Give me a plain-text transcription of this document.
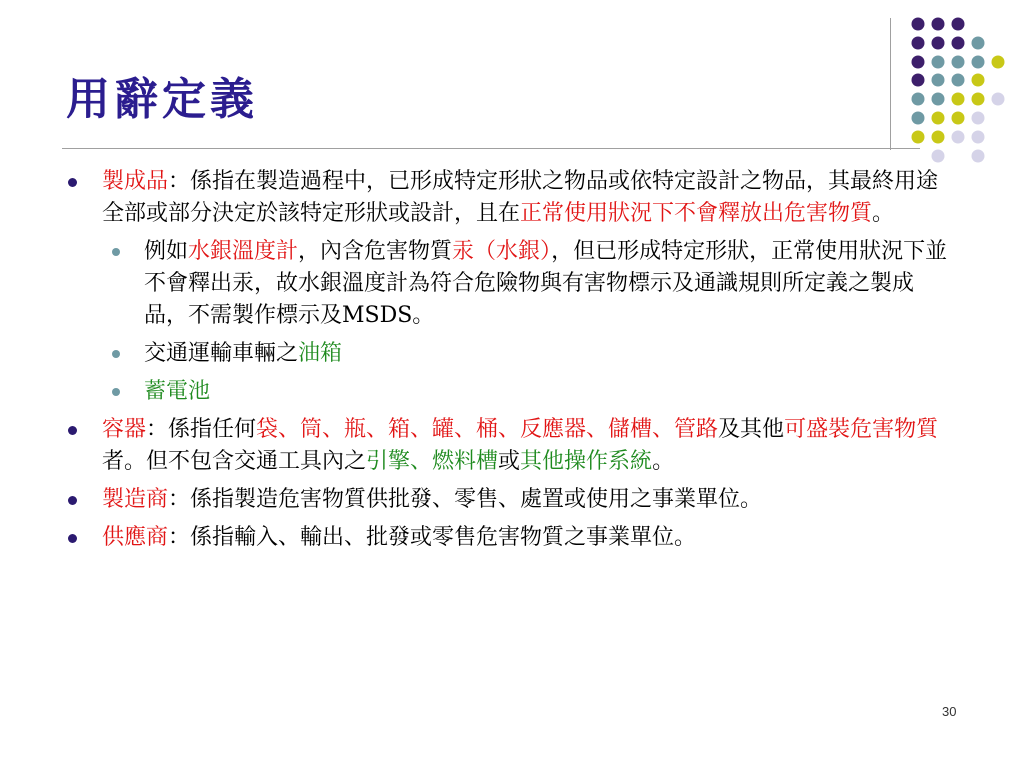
用辭定義
製成品：係指在製造過程中，已形成特定形狀之物品或依特定設計之物品，其最終用途全部或部分決定於該特定形狀或設計，且在正常使用狀況下不會釋放出危害物質。
例如水銀溫度計，內含危害物質汞（水銀），但已形成特定形狀，正常使用狀況下並不會釋出汞，故水銀溫度計為符合危險物與有害物標示及通識規則所定義之製成品，不需製作標示及MSDS。
交通運輸車輛之油箱
蓄電池
容器：係指任何袋、筒、瓶、箱、罐、桶、反應器、儲槽、管路及其他可盛裝危害物質者。但不包含交通工具內之引擎、燃料槽或其他操作系統。
製造商：係指製造危害物質供批發、零售、處置或使用之事業單位。
供應商：係指輸入、輸出、批發或零售危害物質之事業單位。
30
